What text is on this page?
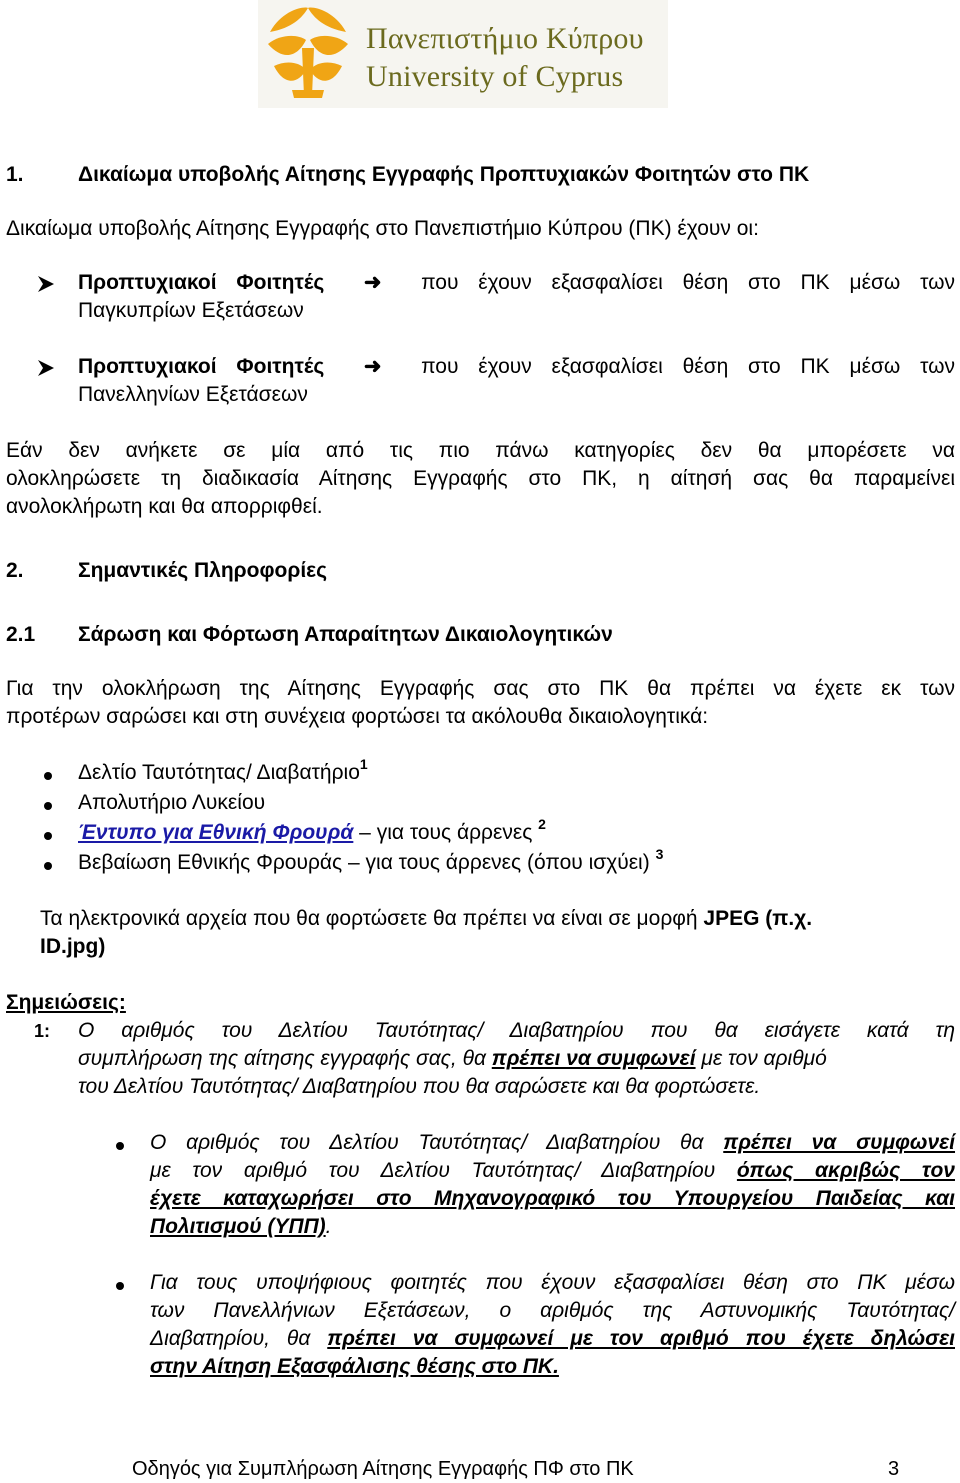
Πανεπιστήμιο Κύπρου
University of Cyprus
1.	Δικαίωμα υποβολής Αίτησης Εγγραφής Προπτυχιακών Φοιτητών στο ΠΚ
Δικαίωμα υποβολής Αίτησης Εγγραφής στο Πανεπιστήμιο Κύπρου (ΠΚ) έχουν οι:
Προπτυχιακοί Φοιτητές  ➜  που έχουν εξασφαλίσει θέση στο ΠΚ μέσω των
Παγκυπρίων Εξετάσεων
Προπτυχιακοί Φοιτητές  ➜  που έχουν εξασφαλίσει θέση στο ΠΚ μέσω των
Πανελληνίων Εξετάσεων
Εάν δεν ανήκετε σε μία από τις πιο πάνω κατηγορίες δεν θα μπορέσετε να
ολοκληρώσετε τη διαδικασία Αίτησης Εγγραφής στο ΠΚ, η αίτησή σας θα παραμείνει
ανολοκλήρωτη και θα απορριφθεί.
2.	Σημαντικές Πληροφορίες
2.1 Σάρωση και Φόρτωση Απαραίτητων Δικαιολογητικών
Για την ολοκλήρωση της Αίτησης Εγγραφής σας στο ΠΚ θα πρέπει να έχετε εκ των
προτέρων σαρώσει και στη συνέχεια φορτώσει τα ακόλουθα δικαιολογητικά:
Δελτίο Ταυτότητας/ Διαβατήριο$^1$
Απολυτήριο Λυκείου
Έντυπο για Εθνική Φρουρά – για τους άρρενες $^2$
Βεβαίωση Εθνικής Φρουράς – για τους άρρενες (όπου ισχύει) $^3$
Τα ηλεκτρονικά αρχεία που θα φορτώσετε θα πρέπει να είναι σε μορφή JPEG (π.χ.
ID.jpg)
Σημειώσεις:
1: Ο αριθμός του Δελτίου Ταυτότητας/ Διαβατηρίου που θα εισάγετε κατά τη
συμπλήρωση της αίτησης εγγραφής σας, θα πρέπει να συμφωνεί με τον αριθμό
του Δελτίου Ταυτότητας/ Διαβατηρίου που θα σαρώσετε και θα φορτώσετε.
Ο αριθμός του Δελτίου Ταυτότητας/ Διαβατηρίου θα πρέπει να συμφωνεί
με τον αριθμό του Δελτίου Ταυτότητας/ Διαβατηρίου όπως ακριβώς τον
έχετε καταχωρήσει στο Μηχανογραφικό του Υπουργείου Παιδείας και
Πολιτισμού (ΥΠΠ).
Για τους υποψήφιους φοιτητές που έχουν εξασφαλίσει θέση στο ΠΚ μέσω
των Πανελλήνιων Εξετάσεων, ο αριθμός της Αστυνομικής Ταυτότητας/
Διαβατηρίου, θα πρέπει να συμφωνεί με τον αριθμό που έχετε δηλώσει
στην Αίτηση Εξασφάλισης θέσης στο ΠΚ.
Οδηγός για Συμπλήρωση Αίτησης Εγγραφής ΠΦ στο ΠΚ	3
